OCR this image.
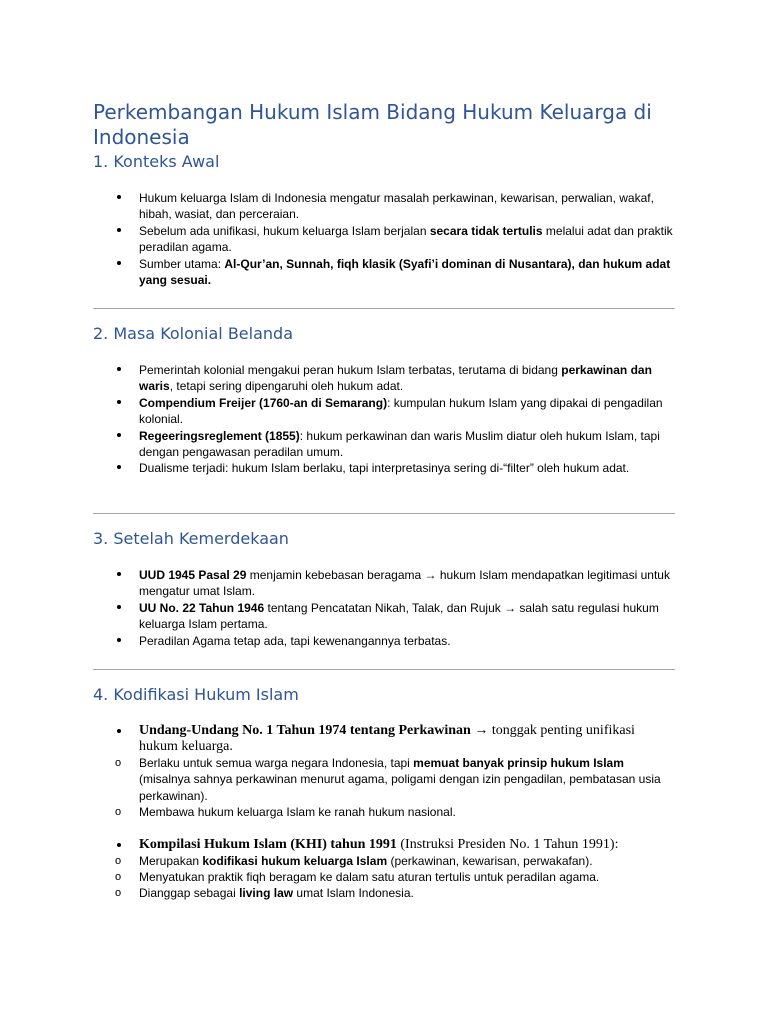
Perkembangan Hukum Islam Bidang Hukum Keluarga di Indonesia
1. Konteks Awal
Hukum keluarga Islam di Indonesia mengatur masalah perkawinan, kewarisan, perwalian, wakaf, hibah, wasiat, dan perceraian.
Sebelum ada unifikasi, hukum keluarga Islam berjalan secara tidak tertulis melalui adat dan praktik peradilan agama.
Sumber utama: Al-Qur’an, Sunnah, fiqh klasik (Syafi’i dominan di Nusantara), dan hukum adat yang sesuai.
2. Masa Kolonial Belanda
Pemerintah kolonial mengakui peran hukum Islam terbatas, terutama di bidang perkawinan dan waris, tetapi sering dipengaruhi oleh hukum adat.
Compendium Freijer (1760-an di Semarang): kumpulan hukum Islam yang dipakai di pengadilan kolonial.
Regeeringsreglement (1855): hukum perkawinan dan waris Muslim diatur oleh hukum Islam, tapi dengan pengawasan peradilan umum.
Dualisme terjadi: hukum Islam berlaku, tapi interpretasinya sering di-“filter” oleh hukum adat.
3. Setelah Kemerdekaan
UUD 1945 Pasal 29 menjamin kebebasan beragama → hukum Islam mendapatkan legitimasi untuk mengatur umat Islam.
UU No. 22 Tahun 1946 tentang Pencatatan Nikah, Talak, dan Rujuk → salah satu regulasi hukum keluarga Islam pertama.
Peradilan Agama tetap ada, tapi kewenangannya terbatas.
4. Kodifikasi Hukum Islam
Undang-Undang No. 1 Tahun 1974 tentang Perkawinan → tonggak penting unifikasi hukum keluarga.
o Berlaku untuk semua warga negara Indonesia, tapi memuat banyak prinsip hukum Islam (misalnya sahnya perkawinan menurut agama, poligami dengan izin pengadilan, pembatasan usia perkawinan).
o Membawa hukum keluarga Islam ke ranah hukum nasional.
Kompilasi Hukum Islam (KHI) tahun 1991 (Instruksi Presiden No. 1 Tahun 1991):
o Merupakan kodifikasi hukum keluarga Islam (perkawinan, kewarisan, perwakafan).
o Menyatukan praktik fiqh beragam ke dalam satu aturan tertulis untuk peradilan agama.
o Dianggap sebagai living law umat Islam Indonesia.
